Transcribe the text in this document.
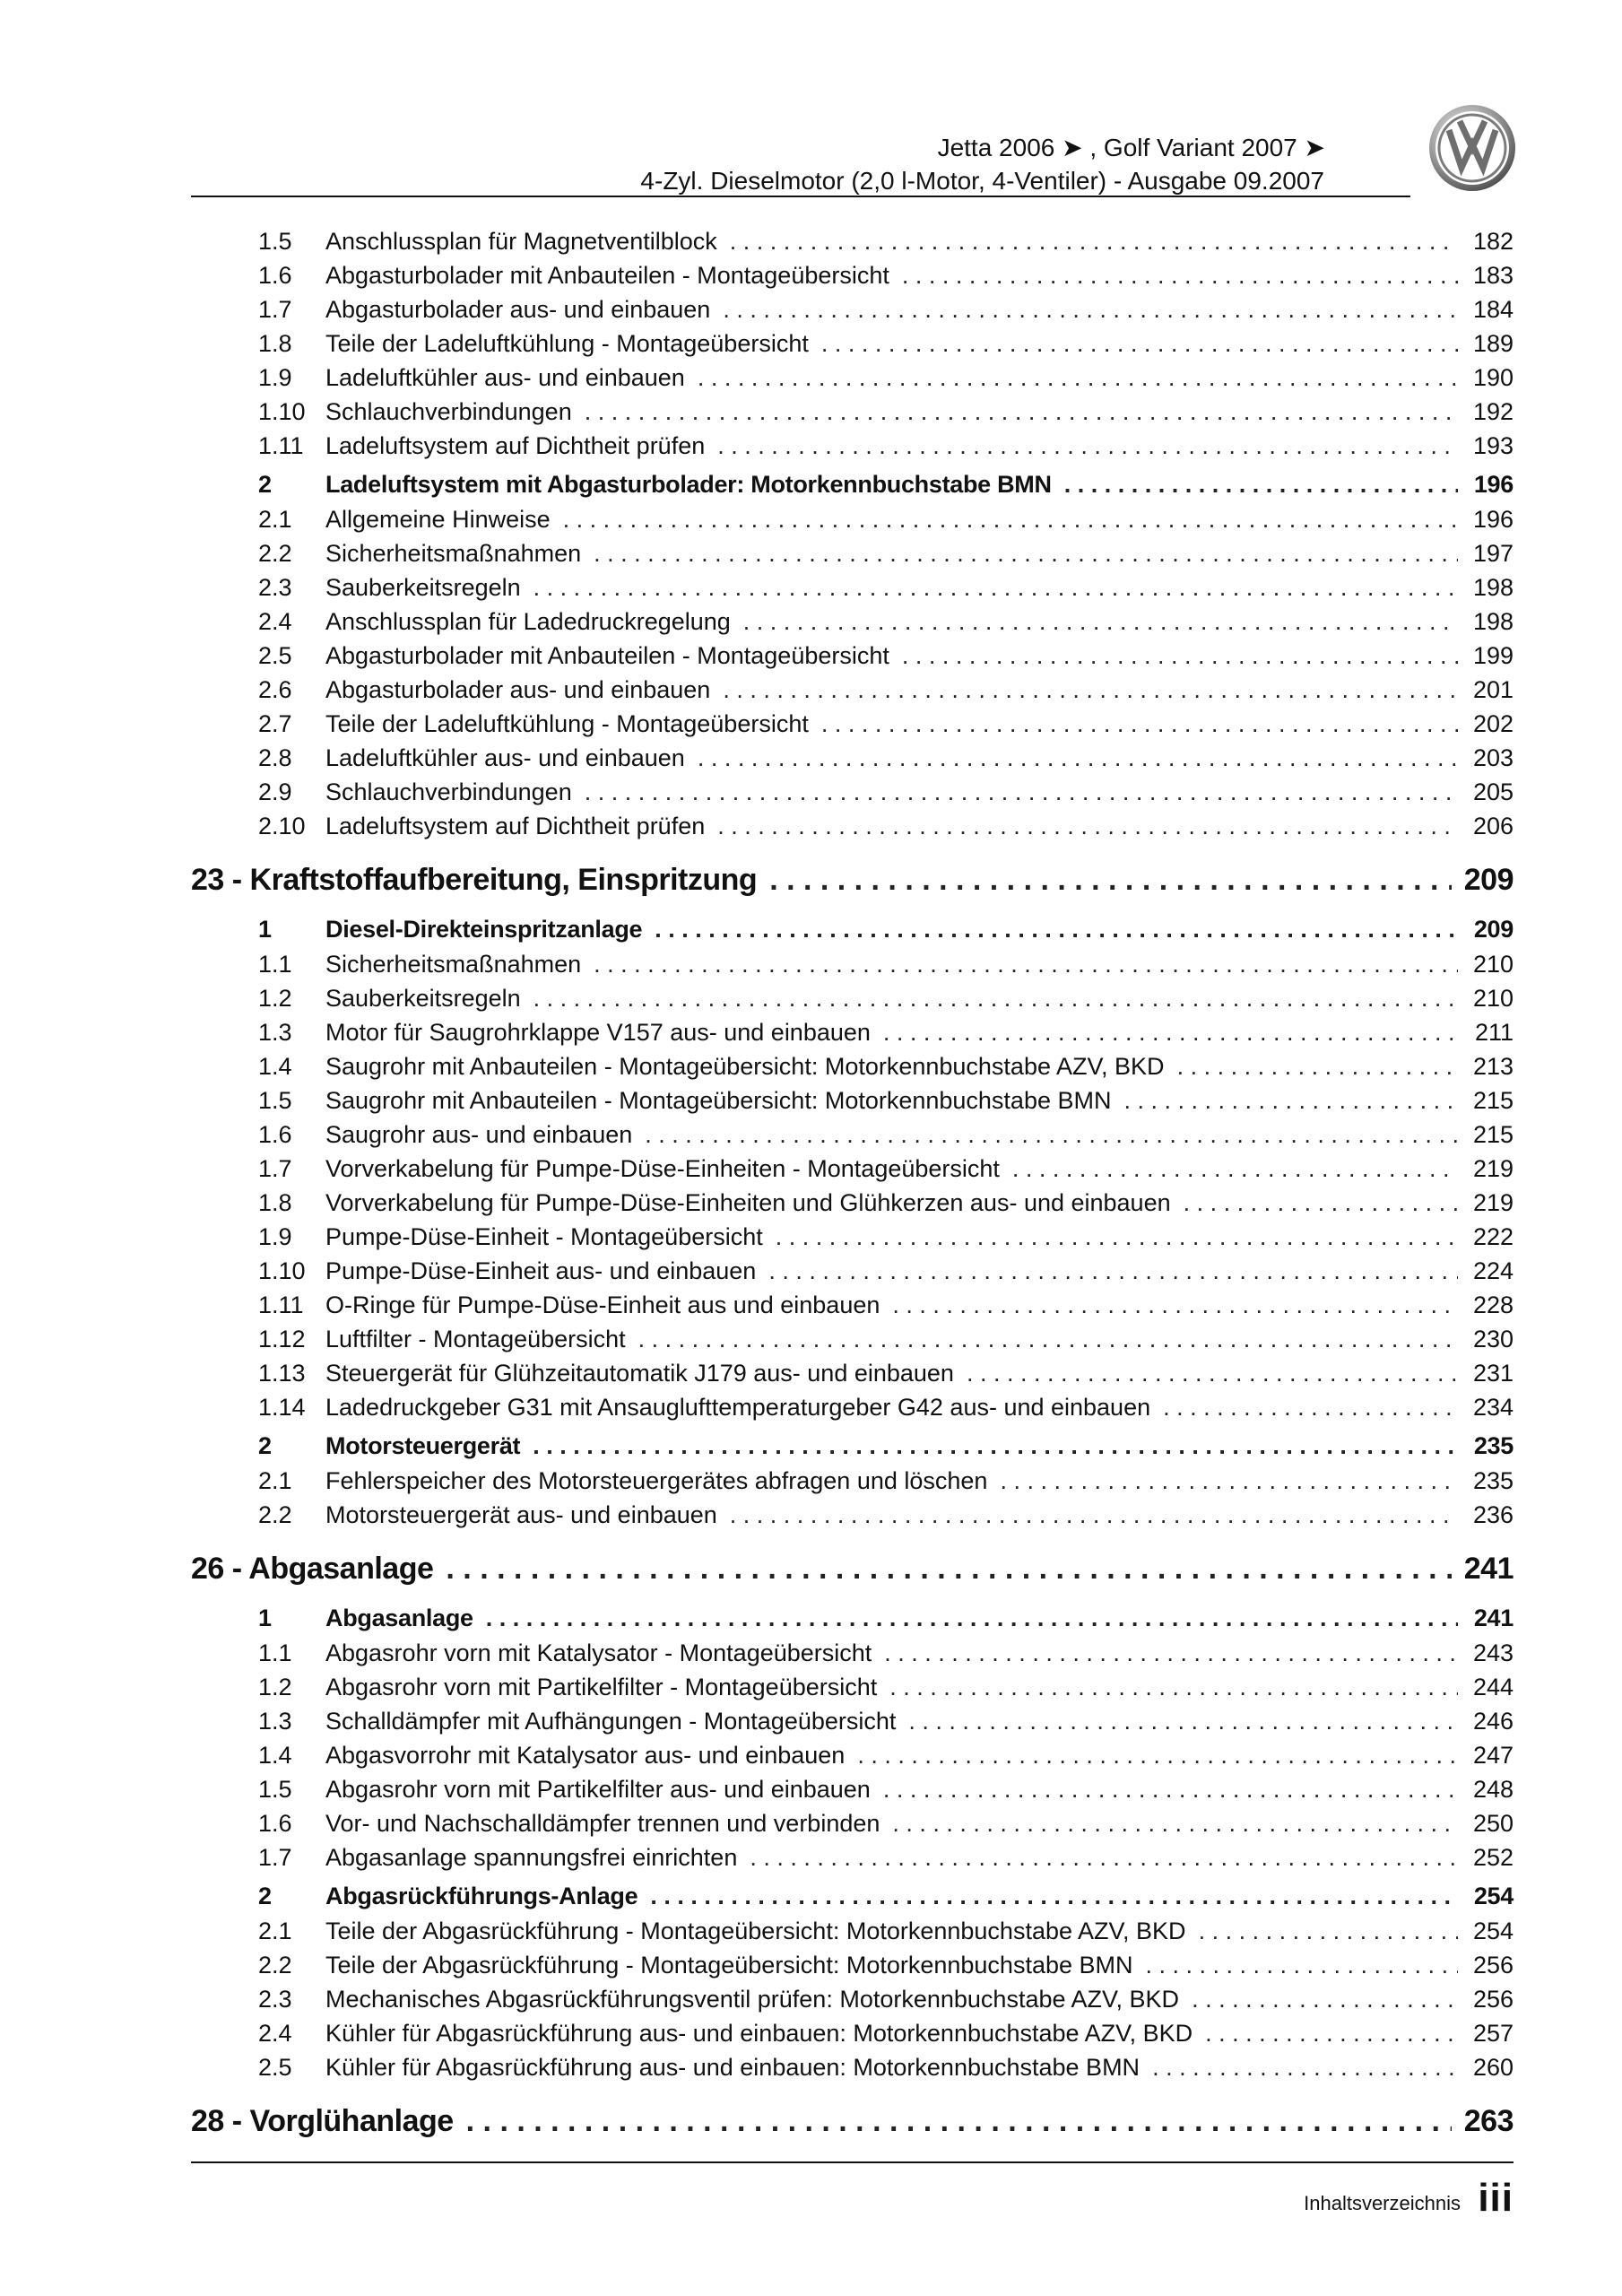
Jetta 2006 ➤ , Golf Variant 2007 ➤
4-Zyl. Dieselmotor (2,0 l-Motor, 4-Ventiler) - Ausgabe 09.2007
1.5	Anschlussplan für Magnetventilblock . . .	182
1.6	Abgasturbolader mit Anbauteilen - Montageübersicht . . .	183
1.7	Abgasturbolader aus- und einbauen . . .	184
1.8	Teile der Ladeluftkühlung - Montageübersicht . . .	189
1.9	Ladeluftkühler aus- und einbauen . . .	190
1.10 Schlauchverbindungen . . .	192
1.11 Ladeluftsystem auf Dichtheit prüfen . . .	193
2	Ladeluftsystem mit Abgasturbolader: Motorkennbuchstabe BMN . . .	196
2.1	Allgemeine Hinweise . . .	196
2.2	Sicherheitsmaßnahmen . . .	197
2.3	Sauberkeitsregeln . . .	198
2.4	Anschlussplan für Ladedruckregelung . . .	198
2.5	Abgasturbolader mit Anbauteilen - Montageübersicht . . .	199
2.6	Abgasturbolader aus- und einbauen . . .	201
2.7	Teile der Ladeluftkühlung - Montageübersicht . . .	202
2.8	Ladeluftkühler aus- und einbauen . . .	203
2.9	Schlauchverbindungen . . .	205
2.10 Ladeluftsystem auf Dichtheit prüfen . . .	206
23 - Kraftstoffaufbereitung, Einspritzung . . .	209
1	Diesel-Direkteinspritzanlage . . .	209
1.1	Sicherheitsmaßnahmen . . .	210
1.2	Sauberkeitsregeln . . .	210
1.3	Motor für Saugrohrklappe V157 aus- und einbauen . . .	211
1.4	Saugrohr mit Anbauteilen - Montageübersicht: Motorkennbuchstabe AZV, BKD . . .	213
1.5	Saugrohr mit Anbauteilen - Montageübersicht: Motorkennbuchstabe BMN . . .	215
1.6	Saugrohr aus- und einbauen . . .	215
1.7	Vorverkabelung für Pumpe-Düse-Einheiten - Montageübersicht . . .	219
1.8	Vorverkabelung für Pumpe-Düse-Einheiten und Glühkerzen aus- und einbauen . . .	219
1.9	Pumpe-Düse-Einheit - Montageübersicht . . .	222
1.10 Pumpe-Düse-Einheit aus- und einbauen . . .	224
1.11 O-Ringe für Pumpe-Düse-Einheit aus und einbauen . . .	228
1.12 Luftfilter - Montageübersicht . . .	230
1.13 Steuergerät für Glühzeitautomatik J179 aus- und einbauen . . .	231
1.14 Ladedruckgeber G31 mit Ansauglufttemperaturgeber G42 aus- und einbauen . . .	234
2	Motorsteuergerät . . .	235
2.1	Fehlerspeicher des Motorsteuergerätes abfragen und löschen . . .	235
2.2	Motorsteuergerät aus- und einbauen . . .	236
26 - Abgasanlage . . .	241
1	Abgasanlage . . .	241
1.1	Abgasrohr vorn mit Katalysator - Montageübersicht . . .	243
1.2	Abgasrohr vorn mit Partikelfilter - Montageübersicht . . .	244
1.3	Schalldämpfer mit Aufhängungen - Montageübersicht . . .	246
1.4	Abgasvorrohr mit Katalysator aus- und einbauen . . .	247
1.5	Abgasrohr vorn mit Partikelfilter aus- und einbauen . . .	248
1.6	Vor- und Nachschalldämpfer trennen und verbinden . . .	250
1.7	Abgasanlage spannungsfrei einrichten . . .	252
2	Abgasrückführungs-Anlage . . .	254
2.1	Teile der Abgasrückführung - Montageübersicht: Motorkennbuchstabe AZV, BKD . . .	254
2.2	Teile der Abgasrückführung - Montageübersicht: Motorkennbuchstabe BMN . . .	256
2.3	Mechanisches Abgasrückführungsventil prüfen: Motorkennbuchstabe AZV, BKD . . .	256
2.4	Kühler für Abgasrückführung aus- und einbauen: Motorkennbuchstabe AZV, BKD . . .	257
2.5	Kühler für Abgasrückführung aus- und einbauen: Motorkennbuchstabe BMN . . .	260
28 - Vorglühanlage . . .	263
Inhaltsverzeichnis iii
